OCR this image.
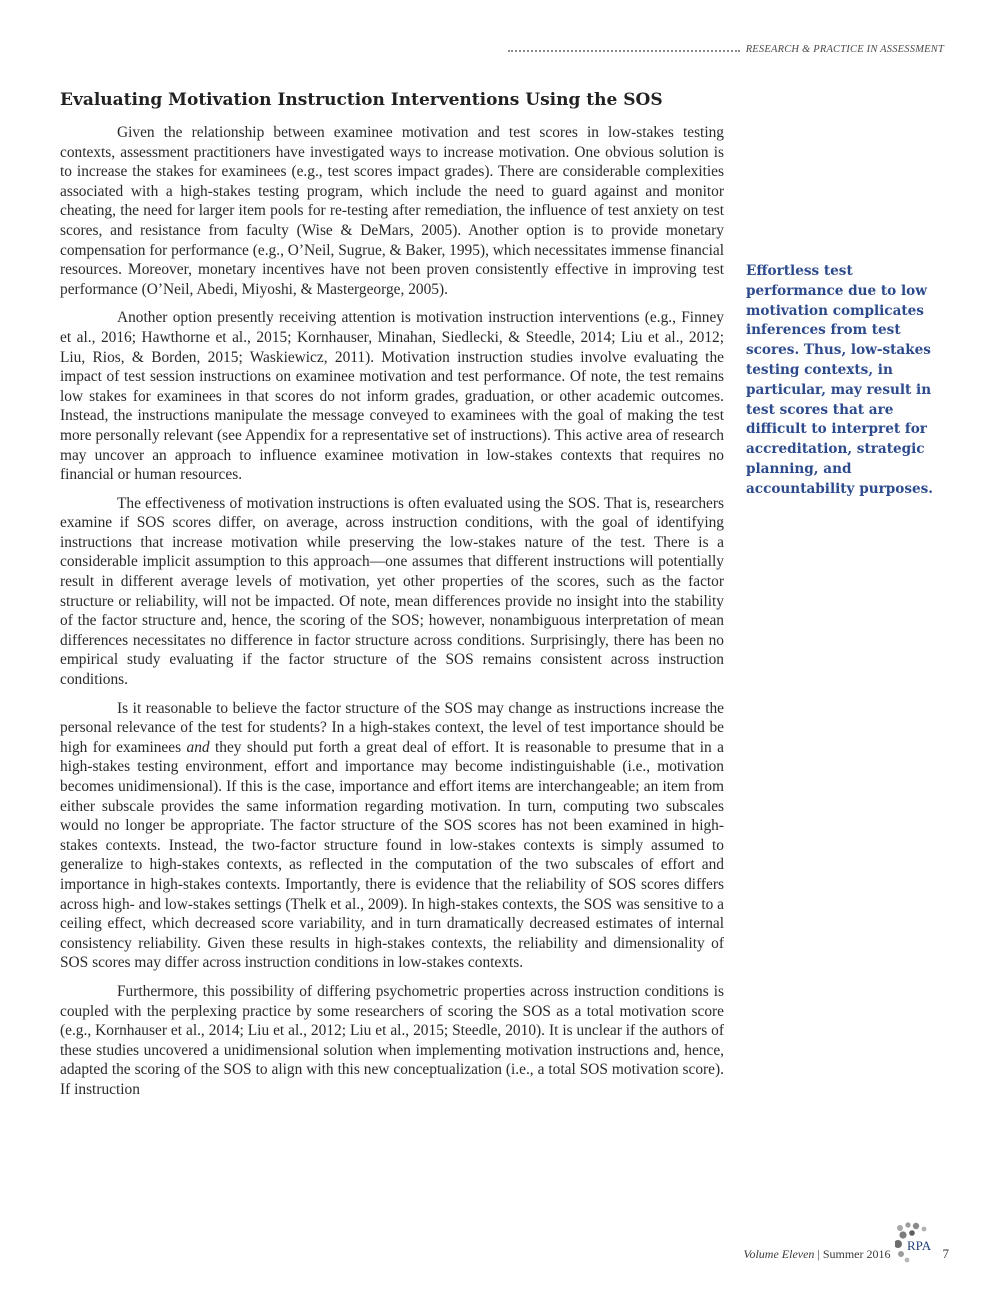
RESEARCH & PRACTICE IN ASSESSMENT
Evaluating Motivation Instruction Interventions Using the SOS

Given the relationship between examinee motivation and test scores in low-stakes testing contexts, assessment practitioners have investigated ways to increase motivation. One obvious solution is to increase the stakes for examinees (e.g., test scores impact grades). There are considerable complexities associated with a high-stakes testing program, which include the need to guard against and monitor cheating, the need for larger item pools for re-testing after remediation, the influence of test anxiety on test scores, and resistance from faculty (Wise & DeMars, 2005). Another option is to provide monetary compensation for performance (e.g., O’Neil, Sugrue, & Baker, 1995), which necessitates immense financial resources. Moreover, monetary incentives have not been proven consistently effective in improving test performance (O’Neil, Abedi, Miyoshi, & Mastergeorge, 2005).

Another option presently receiving attention is motivation instruction interventions (e.g., Finney et al., 2016; Hawthorne et al., 2015; Kornhauser, Minahan, Siedlecki, & Steedle, 2014; Liu et al., 2012; Liu, Rios, & Borden, 2015; Waskiewicz, 2011). Motivation instruction studies involve evaluating the impact of test session instructions on examinee motivation and test performance. Of note, the test remains low stakes for examinees in that scores do not inform grades, graduation, or other academic outcomes. Instead, the instructions manipulate the message conveyed to examinees with the goal of making the test more personally relevant (see Appendix for a representative set of instructions). This active area of research may uncover an approach to influence examinee motivation in low-stakes contexts that requires no financial or human resources.

The effectiveness of motivation instructions is often evaluated using the SOS. That is, researchers examine if SOS scores differ, on average, across instruction conditions, with the goal of identifying instructions that increase motivation while preserving the low-stakes nature of the test. There is a considerable implicit assumption to this approach—one assumes that different instructions will potentially result in different average levels of motivation, yet other properties of the scores, such as the factor structure or reliability, will not be impacted. Of note, mean differences provide no insight into the stability of the factor structure and, hence, the scoring of the SOS; however, nonambiguous interpretation of mean differences necessitates no difference in factor structure across conditions. Surprisingly, there has been no empirical study evaluating if the factor structure of the SOS remains consistent across instruction conditions.

Is it reasonable to believe the factor structure of the SOS may change as instructions increase the personal relevance of the test for students? In a high-stakes context, the level of test importance should be high for examinees and they should put forth a great deal of effort. It is reasonable to presume that in a high-stakes testing environment, effort and importance may become indistinguishable (i.e., motivation becomes unidimensional). If this is the case, importance and effort items are interchangeable; an item from either subscale provides the same information regarding motivation. In turn, computing two subscales would no longer be appropriate. The factor structure of the SOS scores has not been examined in high-stakes contexts. Instead, the two-factor structure found in low-stakes contexts is simply assumed to generalize to high-stakes contexts, as reflected in the computation of the two subscales of effort and importance in high-stakes contexts. Importantly, there is evidence that the reliability of SOS scores differs across high- and low-stakes settings (Thelk et al., 2009). In high-stakes contexts, the SOS was sensitive to a ceiling effect, which decreased score variability, and in turn dramatically decreased estimates of internal consistency reliability. Given these results in high-stakes contexts, the reliability and dimensionality of SOS scores may differ across instruction conditions in low-stakes contexts.

Furthermore, this possibility of differing psychometric properties across instruction conditions is coupled with the perplexing practice by some researchers of scoring the SOS as a total motivation score (e.g., Kornhauser et al., 2014; Liu et al., 2012; Liu et al., 2015; Steedle, 2010). It is unclear if the authors of these studies uncovered a unidimensional solution when implementing motivation instructions and, hence, adapted the scoring of the SOS to align with this new conceptualization (i.e., a total SOS motivation score). If instruction

Effortless test performance due to low motivation complicates inferences from test scores. Thus, low-stakes testing contexts, in particular, may result in test scores that are difficult to interpret for accreditation, strategic planning, and accountability purposes.

Volume Eleven | Summer 2016
RPA
7
